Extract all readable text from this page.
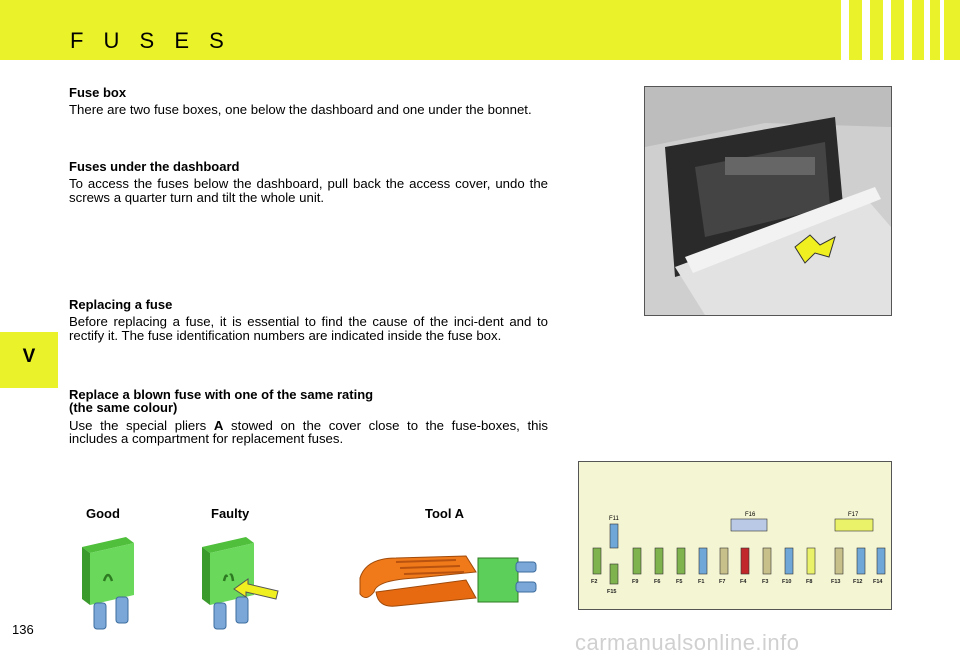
F U S E S
V
Fuse box

There are two fuse boxes, one below the dashboard and one under the bonnet.

Fuses under the dashboard

To access the fuses below the dashboard, pull back the access cover, undo the screws a quarter turn and tilt the whole unit.

Replacing a fuse

Before replacing a fuse, it is essential to find the cause of the inci-dent and to rectify it. The fuse identification numbers are indicated inside the fuse box.

Replace a blown fuse with one of the same rating
(the same colour)

Use the special pliers A stowed on the cover close to the fuse-boxes, this includes a compartment for replacement fuses.

Good	Faulty	Tool A	F11
F16	F17
F2	F9	F6	F5	F1	F7	F4	F3 F10	F8	F13 F12 F14
F15
136
carmanualsonline.info
